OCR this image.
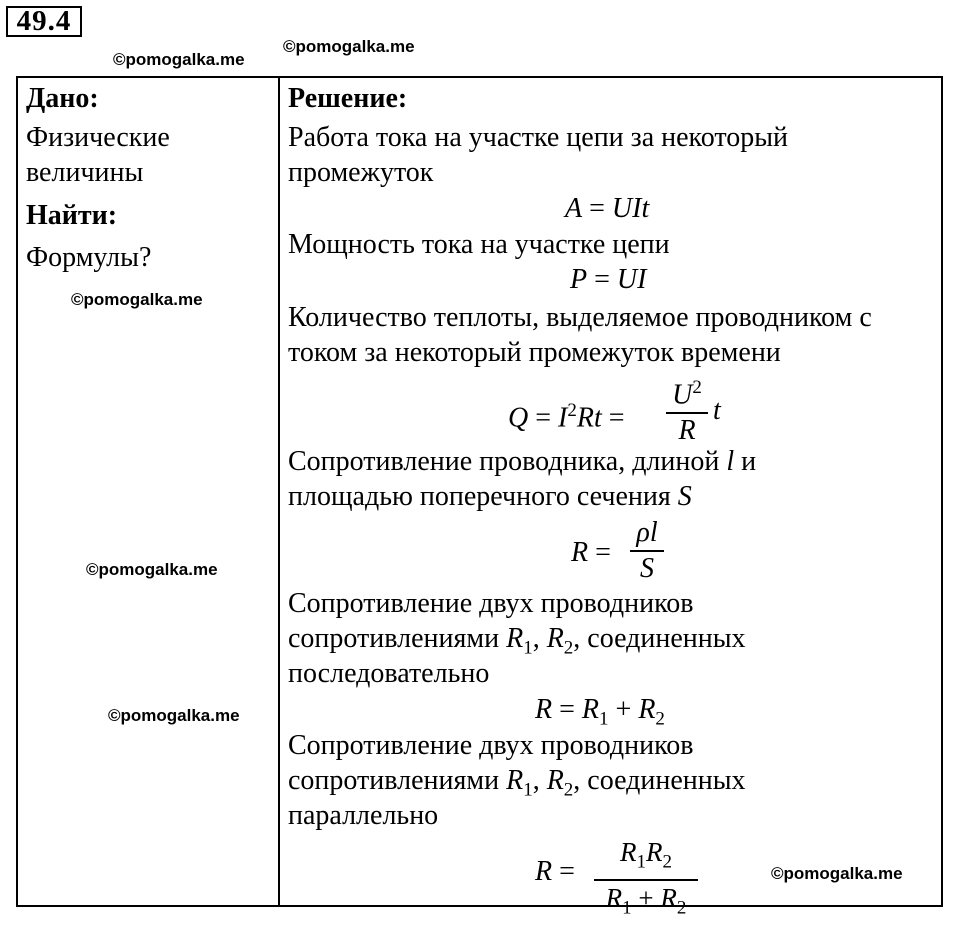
49.4
©pomogalka.me
©pomogalka.me
©pomogalka.me
©pomogalka.me
©pomogalka.me
©pomogalka.me
Дано:
Физические
величины
Найти:
Формулы?
Решение:
Работа тока на участке цепи за некоторый
промежуток
A = UIt
Мощность тока на участке цепи
P = UI
Количество теплоты, выделяемое проводником с
током за некоторый промежуток времени
$Q = I^2Rt$ =
$U^2$
R
t
Сопротивление проводника, длиной l и
площадью поперечного сечения S
R =
ρl
S
Сопротивление двух проводников
сопротивлениями $R_1$, $R_2$, соединенных
последовательно
$R = R_1 + R_2$
Сопротивление двух проводников
сопротивлениями $R_1$, $R_2$, соединенных
параллельно
R =
$R_1R_2$
$R_1 + R_2$
